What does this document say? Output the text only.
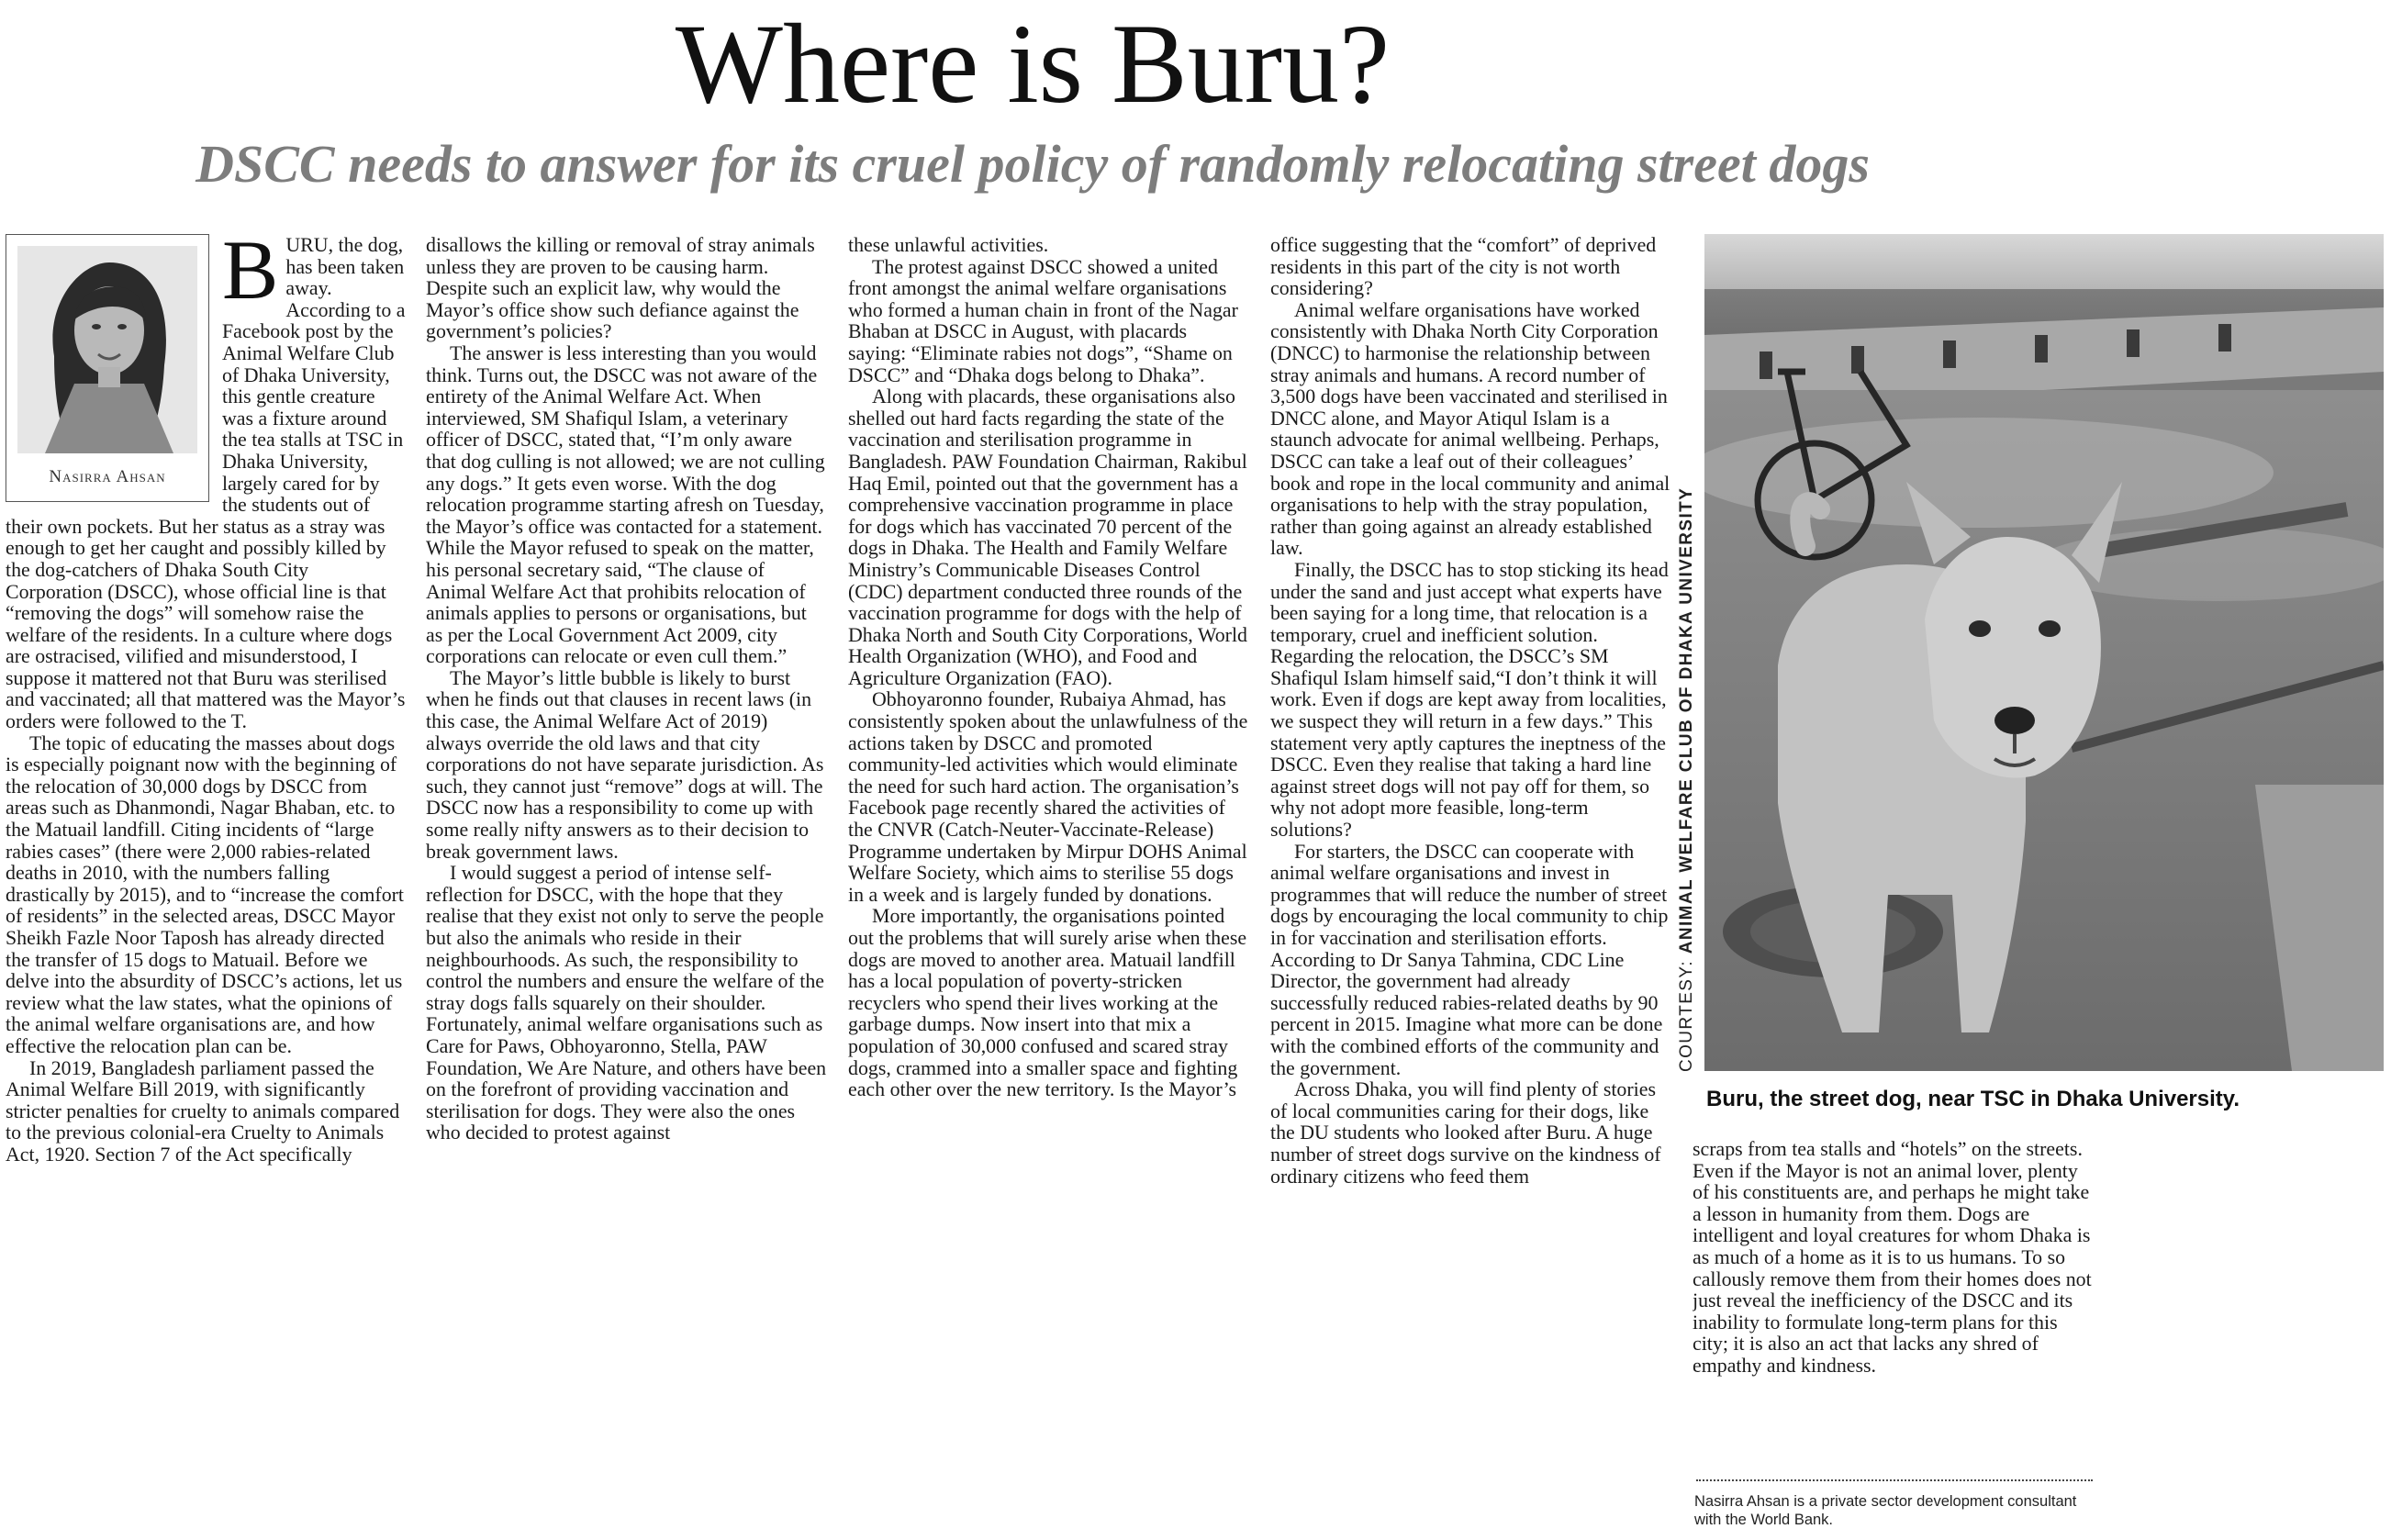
Where is Buru?
DSCC needs to answer for its cruel policy of randomly relocating street dogs
Nasirra Ahsan
B URU, the dog, has been taken away. According to a Facebook post by the Animal Welfare Club of Dhaka University, this gentle creature was a fixture around the tea stalls at TSC in Dhaka University, largely cared for by the students out of their own pockets. But her status as a stray was enough to get her caught and possibly killed by the dog-catchers of Dhaka South City Corporation (DSCC), whose official line is that “removing the dogs” will somehow raise the welfare of the residents. In a culture where dogs are ostracised, vilified and misunderstood, I suppose it mattered not that Buru was sterilised and vaccinated; all that mattered was the Mayor’s orders were followed to the T.

The topic of educating the masses about dogs is especially poignant now with the beginning of the relocation of 30,000 dogs by DSCC from areas such as Dhanmondi, Nagar Bhaban, etc. to the Matuail landfill. Citing incidents of “large rabies cases” (there were 2,000 rabies-related deaths in 2010, with the numbers falling drastically by 2015), and to “increase the comfort of residents” in the selected areas, DSCC Mayor Sheikh Fazle Noor Taposh has already directed the transfer of 15 dogs to Matuail. Before we delve into the absurdity of DSCC’s actions, let us review what the law states, what the opinions of the animal welfare organisations are, and how effective the relocation plan can be.

In 2019, Bangladesh parliament passed the Animal Welfare Bill 2019, with significantly stricter penalties for cruelty to animals compared to the previous colonial-era Cruelty to Animals Act, 1920. Section 7 of the Act specifically

disallows the killing or removal of stray animals unless they are proven to be causing harm. Despite such an explicit law, why would the Mayor’s office show such defiance against the government’s policies?

The answer is less interesting than you would think. Turns out, the DSCC was not aware of the entirety of the Animal Welfare Act. When interviewed, SM Shafiqul Islam, a veterinary officer of DSCC, stated that, “I’m only aware that dog culling is not allowed; we are not culling any dogs.” It gets even worse. With the dog relocation programme starting afresh on Tuesday, the Mayor’s office was contacted for a statement. While the Mayor refused to speak on the matter, his personal secretary said, “The clause of Animal Welfare Act that prohibits relocation of animals applies to persons or organisations, but as per the Local Government Act 2009, city corporations can relocate or even cull them.”

The Mayor’s little bubble is likely to burst when he finds out that clauses in recent laws (in this case, the Animal Welfare Act of 2019) always override the old laws and that city corporations do not have separate jurisdiction. As such, they cannot just “remove” dogs at will. The DSCC now has a responsibility to come up with some really nifty answers as to their decision to break government laws.

I would suggest a period of intense self-reflection for DSCC, with the hope that they realise that they exist not only to serve the people but also the animals who reside in their neighbourhoods. As such, the responsibility to control the numbers and ensure the welfare of the stray dogs falls squarely on their shoulder. Fortunately, animal welfare organisations such as Care for Paws, Obhoyaronno, Stella, PAW Foundation, We Are Nature, and others have been on the forefront of providing vaccination and sterilisation for dogs. They were also the ones who decided to protest against

these unlawful activities.

The protest against DSCC showed a united front amongst the animal welfare organisations who formed a human chain in front of the Nagar Bhaban at DSCC in August, with placards saying: “Eliminate rabies not dogs”, “Shame on DSCC” and “Dhaka dogs belong to Dhaka”.

Along with placards, these organisations also shelled out hard facts regarding the state of the vaccination and sterilisation programme in Bangladesh. PAW Foundation Chairman, Rakibul Haq Emil, pointed out that the government has a comprehensive vaccination programme in place for dogs which has vaccinated 70 percent of the dogs in Dhaka. The Health and Family Welfare Ministry’s Communicable Diseases Control (CDC) department conducted three rounds of the vaccination programme for dogs with the help of Dhaka North and South City Corporations, World Health Organization (WHO), and Food and Agriculture Organization (FAO).

Obhoyaronno founder, Rubaiya Ahmad, has consistently spoken about the unlawfulness of the actions taken by DSCC and promoted community-led activities which would eliminate the need for such hard action. The organisation’s Facebook page recently shared the activities of the CNVR (Catch-Neuter-Vaccinate-Release) Programme undertaken by Mirpur DOHS Animal Welfare Society, which aims to sterilise 55 dogs in a week and is largely funded by donations.

More importantly, the organisations pointed out the problems that will surely arise when these dogs are moved to another area. Matuail landfill has a local population of poverty-stricken recyclers who spend their lives working at the garbage dumps. Now insert into that mix a population of 30,000 confused and scared stray dogs, crammed into a smaller space and fighting each other over the new territory. Is the Mayor’s

office suggesting that the “comfort” of deprived residents in this part of the city is not worth considering?

Animal welfare organisations have worked consistently with Dhaka North City Corporation (DNCC) to harmonise the relationship between stray animals and humans. A record number of 3,500 dogs have been vaccinated and sterilised in DNCC alone, and Mayor Atiqul Islam is a staunch advocate for animal wellbeing. Perhaps, DSCC can take a leaf out of their colleagues’ book and rope in the local community and animal organisations to help with the stray population, rather than going against an already established law.

Finally, the DSCC has to stop sticking its head under the sand and just accept what experts have been saying for a long time, that relocation is a temporary, cruel and inefficient solution. Regarding the relocation, the DSCC’s SM Shafiqul Islam himself said,“I don’t think it will work. Even if dogs are kept away from localities, we suspect they will return in a few days.” This statement very aptly captures the ineptness of the DSCC. Even they realise that taking a hard line against street dogs will not pay off for them, so why not adopt more feasible, long-term solutions?

For starters, the DSCC can cooperate with animal welfare organisations and invest in programmes that will reduce the number of street dogs by encouraging the local community to chip in for vaccination and sterilisation efforts. According to Dr Sanya Tahmina, CDC Line Director, the government had already successfully reduced rabies-related deaths by 90 percent in 2015. Imagine what more can be done with the combined efforts of the community and the government.

Across Dhaka, you will find plenty of stories of local communities caring for their dogs, like the DU students who looked after Buru. A huge number of street dogs survive on the kindness of ordinary citizens who feed them

COURTESY: ANIMAL WELFARE CLUB OF DHAKA UNIVERSITY
Buru, the street dog, near TSC in Dhaka University.

scraps from tea stalls and “hotels” on the streets. Even if the Mayor is not an animal lover, plenty of his constituents are, and perhaps he might take a lesson in humanity from them. Dogs are intelligent and loyal creatures for whom Dhaka is as much of a home as it is to us humans. To so callously remove them from their homes does not just reveal the inefficiency of the DSCC and its inability to formulate long-term plans for this city; it is also an act that lacks any shred of empathy and kindness.

Nasirra Ahsan is a private sector development consultant with the World Bank.
